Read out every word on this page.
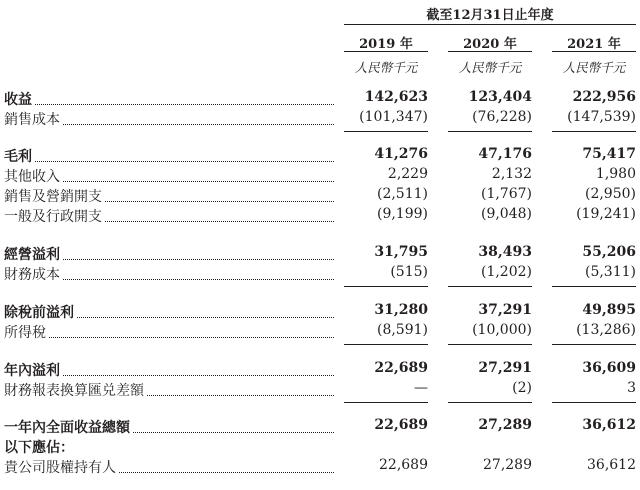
截至12月31日止年度
2019 年	2020 年	2021 年
人民幣千元	人民幣千元	人民幣千元
收益	142,623	123,404	222,956
銷售成本	(101,347)	(76,228)	(147,539)
毛利	41,276	47,176	75,417
其他收入	2,229	2,132	1,980
銷售及營銷開支	(2,511)	(1,767)	(2,950)
一般及行政開支	(9,199)	(9,048)	(19,241)
經營溢利	31,795	38,493	55,206
財務成本	(515)	(1,202)	(5,311)
除稅前溢利	31,280	37,291	49,895
所得稅	(8,591)	(10,000)	(13,286)
年內溢利	22,689	27,291	36,609
財務報表換算匯兑差額	—	(2)	3
一年內全面收益總額	22,689	27,289	36,612
以下應佔：
貴公司股權持有人	22,689	27,289	36,612
